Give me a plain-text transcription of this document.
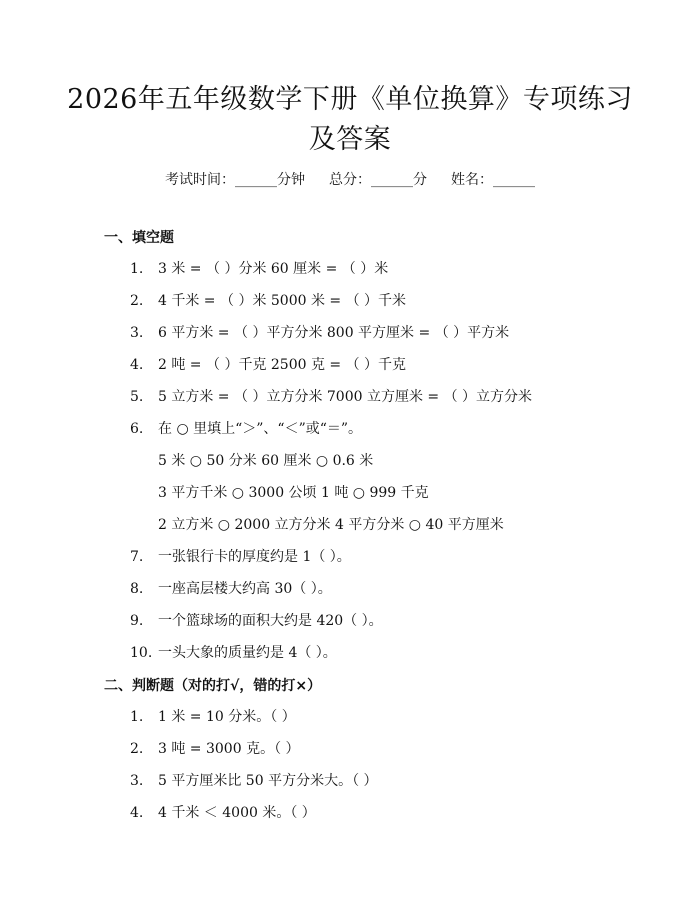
2026年五年级数学下册《单位换算》专项练习及答案
考试时间：______分钟 总分：______分 姓名：______
一、填空题
1.	3 米 = （ ）分米 60 厘米 = （ ）米
2.	4 千米 = （ ）米 5000 米 = （ ）千米
3.	6 平方米 = （ ）平方分米 800 平方厘米 = （ ）平方米
4.	2 吨 = （ ）千克 2500 克 = （ ）千克
5.	5 立方米 = （ ）立方分米 7000 立方厘米 = （ ）立方分米
6.	在 ○ 里填上“＞”、“＜”或“＝”。
5 米 ○ 50 分米 60 厘米 ○ 0.6 米
3 平方千米 ○ 3000 公顷 1 吨 ○ 999 千克
2 立方米 ○ 2000 立方分米 4 平方分米 ○ 40 平方厘米
7.	一张银行卡的厚度约是 1（ ）。
8.	一座高层楼大约高 30（ ）。
9.	一个篮球场的面积大约是 420（ ）。
10. 一头大象的质量约是 4（ ）。
二、判断题（对的打√，错的打×）
1.	1 米 = 10 分米。（ ）
2.	3 吨 = 3000 克。（ ）
3.	5 平方厘米比 50 平方分米大。（ ）
4.	4 千米 ＜ 4000 米。（ ）
